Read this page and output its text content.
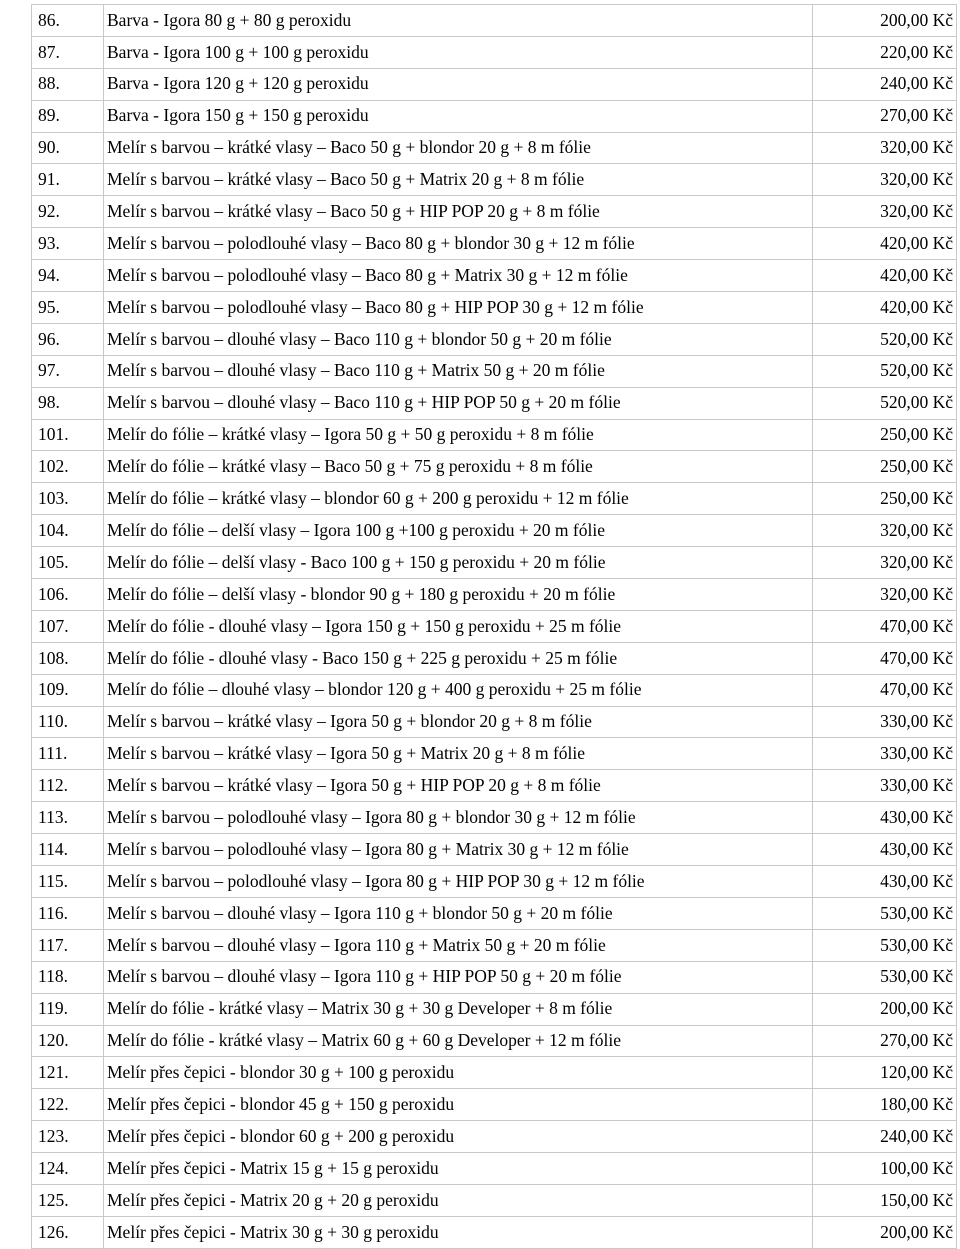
86.	Barva - Igora 80 g + 80 g peroxidu	200,00 Kč
87.	Barva - Igora 100 g + 100 g peroxidu	220,00 Kč
88.	Barva - Igora 120 g + 120 g peroxidu	240,00 Kč
89.	Barva - Igora 150 g + 150 g peroxidu	270,00 Kč
90.	Melír s barvou – krátké vlasy – Baco 50 g + blondor 20 g + 8 m fólie	320,00 Kč
91.	Melír s barvou – krátké vlasy – Baco 50 g + Matrix 20 g + 8 m fólie	320,00 Kč
92.	Melír s barvou – krátké vlasy – Baco 50 g + HIP POP 20 g + 8 m fólie	320,00 Kč
93.	Melír s barvou – polodlouhé vlasy – Baco 80 g + blondor 30 g + 12 m fólie	420,00 Kč
94.	Melír s barvou – polodlouhé vlasy – Baco 80 g + Matrix 30 g + 12 m fólie	420,00 Kč
95.	Melír s barvou – polodlouhé vlasy – Baco 80 g + HIP POP 30 g + 12 m fólie	420,00 Kč
96.	Melír s barvou – dlouhé vlasy – Baco 110 g + blondor 50 g + 20 m fólie	520,00 Kč
97.	Melír s barvou – dlouhé vlasy – Baco 110 g + Matrix 50 g + 20 m fólie	520,00 Kč
98.	Melír s barvou – dlouhé vlasy – Baco 110 g + HIP POP 50 g + 20 m fólie	520,00 Kč
101.	Melír do fólie – krátké vlasy – Igora 50 g + 50 g peroxidu + 8 m fólie	250,00 Kč
102.	Melír do fólie – krátké vlasy – Baco 50 g + 75 g peroxidu + 8 m fólie	250,00 Kč
103.	Melír do fólie – krátké vlasy – blondor 60 g + 200 g peroxidu + 12 m fólie	250,00 Kč
104.	Melír do fólie – delší vlasy – Igora 100 g +100 g peroxidu + 20 m fólie	320,00 Kč
105.	Melír do fólie – delší vlasy - Baco 100 g + 150 g peroxidu + 20 m fólie	320,00 Kč
106.	Melír do fólie – delší vlasy - blondor 90 g + 180 g peroxidu + 20 m fólie	320,00 Kč
107.	Melír do fólie - dlouhé vlasy – Igora 150 g + 150 g peroxidu + 25 m fólie	470,00 Kč
108.	Melír do fólie - dlouhé vlasy - Baco 150 g + 225 g peroxidu + 25 m fólie	470,00 Kč
109.	Melír do fólie – dlouhé vlasy – blondor 120 g + 400 g peroxidu + 25 m fólie	470,00 Kč
110.	Melír s barvou – krátké vlasy – Igora 50 g + blondor 20 g + 8 m fólie	330,00 Kč
111.	Melír s barvou – krátké vlasy – Igora 50 g + Matrix 20 g + 8 m fólie	330,00 Kč
112.	Melír s barvou – krátké vlasy – Igora 50 g + HIP POP 20 g + 8 m fólie	330,00 Kč
113.	Melír s barvou – polodlouhé vlasy – Igora 80 g + blondor 30 g + 12 m fólie	430,00 Kč
114.	Melír s barvou – polodlouhé vlasy – Igora 80 g + Matrix 30 g + 12 m fólie	430,00 Kč
115.	Melír s barvou – polodlouhé vlasy – Igora 80 g + HIP POP 30 g + 12 m fólie	430,00 Kč
116.	Melír s barvou – dlouhé vlasy – Igora 110 g + blondor 50 g + 20 m fólie	530,00 Kč
117.	Melír s barvou – dlouhé vlasy – Igora 110 g + Matrix 50 g + 20 m fólie	530,00 Kč
118.	Melír s barvou – dlouhé vlasy – Igora 110 g + HIP POP 50 g + 20 m fólie	530,00 Kč
119.	Melír do fólie - krátké vlasy – Matrix 30 g + 30 g Developer + 8 m fólie	200,00 Kč
120.	Melír do fólie - krátké vlasy – Matrix 60 g + 60 g Developer + 12 m fólie	270,00 Kč
121.	Melír přes čepici - blondor 30 g + 100 g peroxidu	120,00 Kč
122.	Melír přes čepici - blondor 45 g + 150 g peroxidu	180,00 Kč
123.	Melír přes čepici - blondor 60 g + 200 g peroxidu	240,00 Kč
124.	Melír přes čepici - Matrix 15 g + 15 g peroxidu	100,00 Kč
125.	Melír přes čepici - Matrix 20 g + 20 g peroxidu	150,00 Kč
126.	Melír přes čepici - Matrix 30 g + 30 g peroxidu	200,00 Kč
